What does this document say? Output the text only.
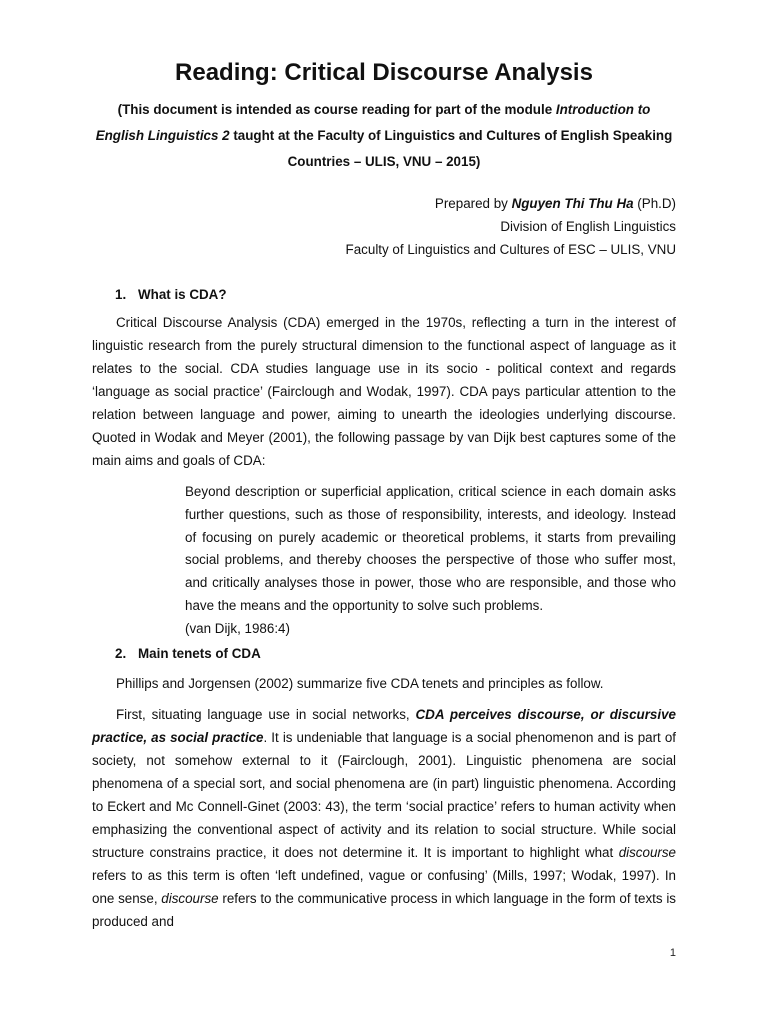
Reading: Critical Discourse Analysis
(This document is intended as course reading for part of the module Introduction to English Linguistics 2 taught at the Faculty of Linguistics and Cultures of English Speaking Countries – ULIS, VNU – 2015)
Prepared by Nguyen Thi Thu Ha (Ph.D)
Division of English Linguistics
Faculty of Linguistics and Cultures of ESC – ULIS, VNU
1. What is CDA?
Critical Discourse Analysis (CDA) emerged in the 1970s, reflecting a turn in the interest of linguistic research from the purely structural dimension to the functional aspect of language as it relates to the social. CDA studies language use in its socio - political context and regards ‘language as social practice’ (Fairclough and Wodak, 1997). CDA pays particular attention to the relation between language and power, aiming to unearth the ideologies underlying discourse. Quoted in Wodak and Meyer (2001), the following passage by van Dijk best captures some of the main aims and goals of CDA:
Beyond description or superficial application, critical science in each domain asks further questions, such as those of responsibility, interests, and ideology. Instead of focusing on purely academic or theoretical problems, it starts from prevailing social problems, and thereby chooses the perspective of those who suffer most, and critically analyses those in power, those who are responsible, and those who have the means and the opportunity to solve such problems.
(van Dijk, 1986:4)
2. Main tenets of CDA
Phillips and Jorgensen (2002) summarize five CDA tenets and principles as follow.
First, situating language use in social networks, CDA perceives discourse, or discursive practice, as social practice. It is undeniable that language is a social phenomenon and is part of society, not somehow external to it (Fairclough, 2001). Linguistic phenomena are social phenomena of a special sort, and social phenomena are (in part) linguistic phenomena. According to Eckert and Mc Connell-Ginet (2003: 43), the term ‘social practice’ refers to human activity when emphasizing the conventional aspect of activity and its relation to social structure. While social structure constrains practice, it does not determine it. It is important to highlight what discourse refers to as this term is often ‘left undefined, vague or confusing’ (Mills, 1997; Wodak, 1997). In one sense, discourse refers to the communicative process in which language in the form of texts is produced and
1
